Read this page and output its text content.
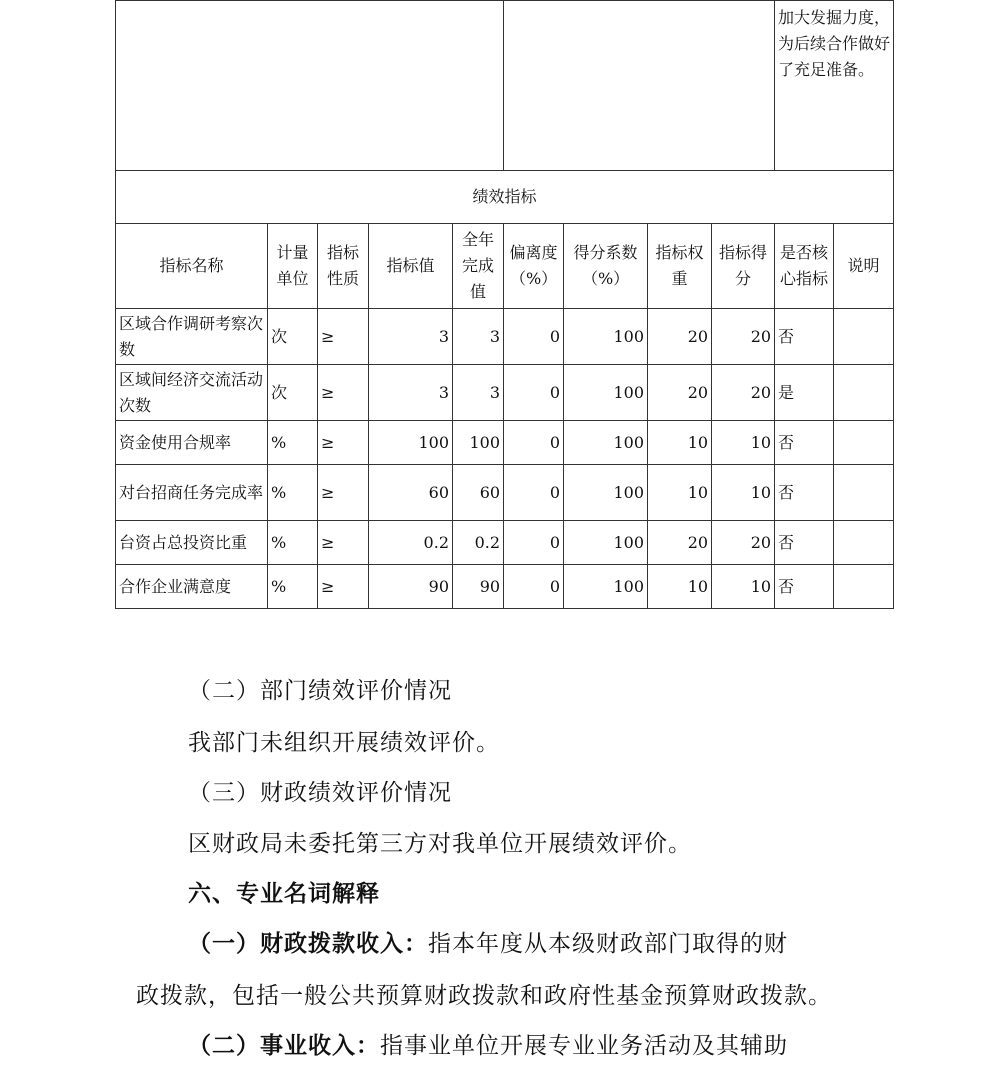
									加大发掘力度，为后续合作做好了充足准备。	
绩效指标										
指标名称	计量单位	指标性质	指标值	全年完成值	偏离度（%）	得分系数（%）	指标权重	指标得分	是否核心指标	说明
区域合作调研考察次数	次	≥	3	3	0	100	20	20	否	
区域间经济交流活动次数	次	≥	3	3	0	100	20	20	是	
资金使用合规率	%	≥	100	100	0	100	10	10	否	
对台招商任务完成率	%	≥	60	60	0	100	10	10	否	
台资占总投资比重	%	≥	0.2	0.2	0	100	20	20	否	
合作企业满意度	%	≥	90	90	0	100	10	10	否	
（二）部门绩效评价情况
我部门未组织开展绩效评价。
（三）财政绩效评价情况
区财政局未委托第三方对我单位开展绩效评价。
六、专业名词解释
（一）财政拨款收入：指本年度从本级财政部门取得的财
政拨款，包括一般公共预算财政拨款和政府性基金预算财政拨款。
（二）事业收入：指事业单位开展专业业务活动及其辅助
